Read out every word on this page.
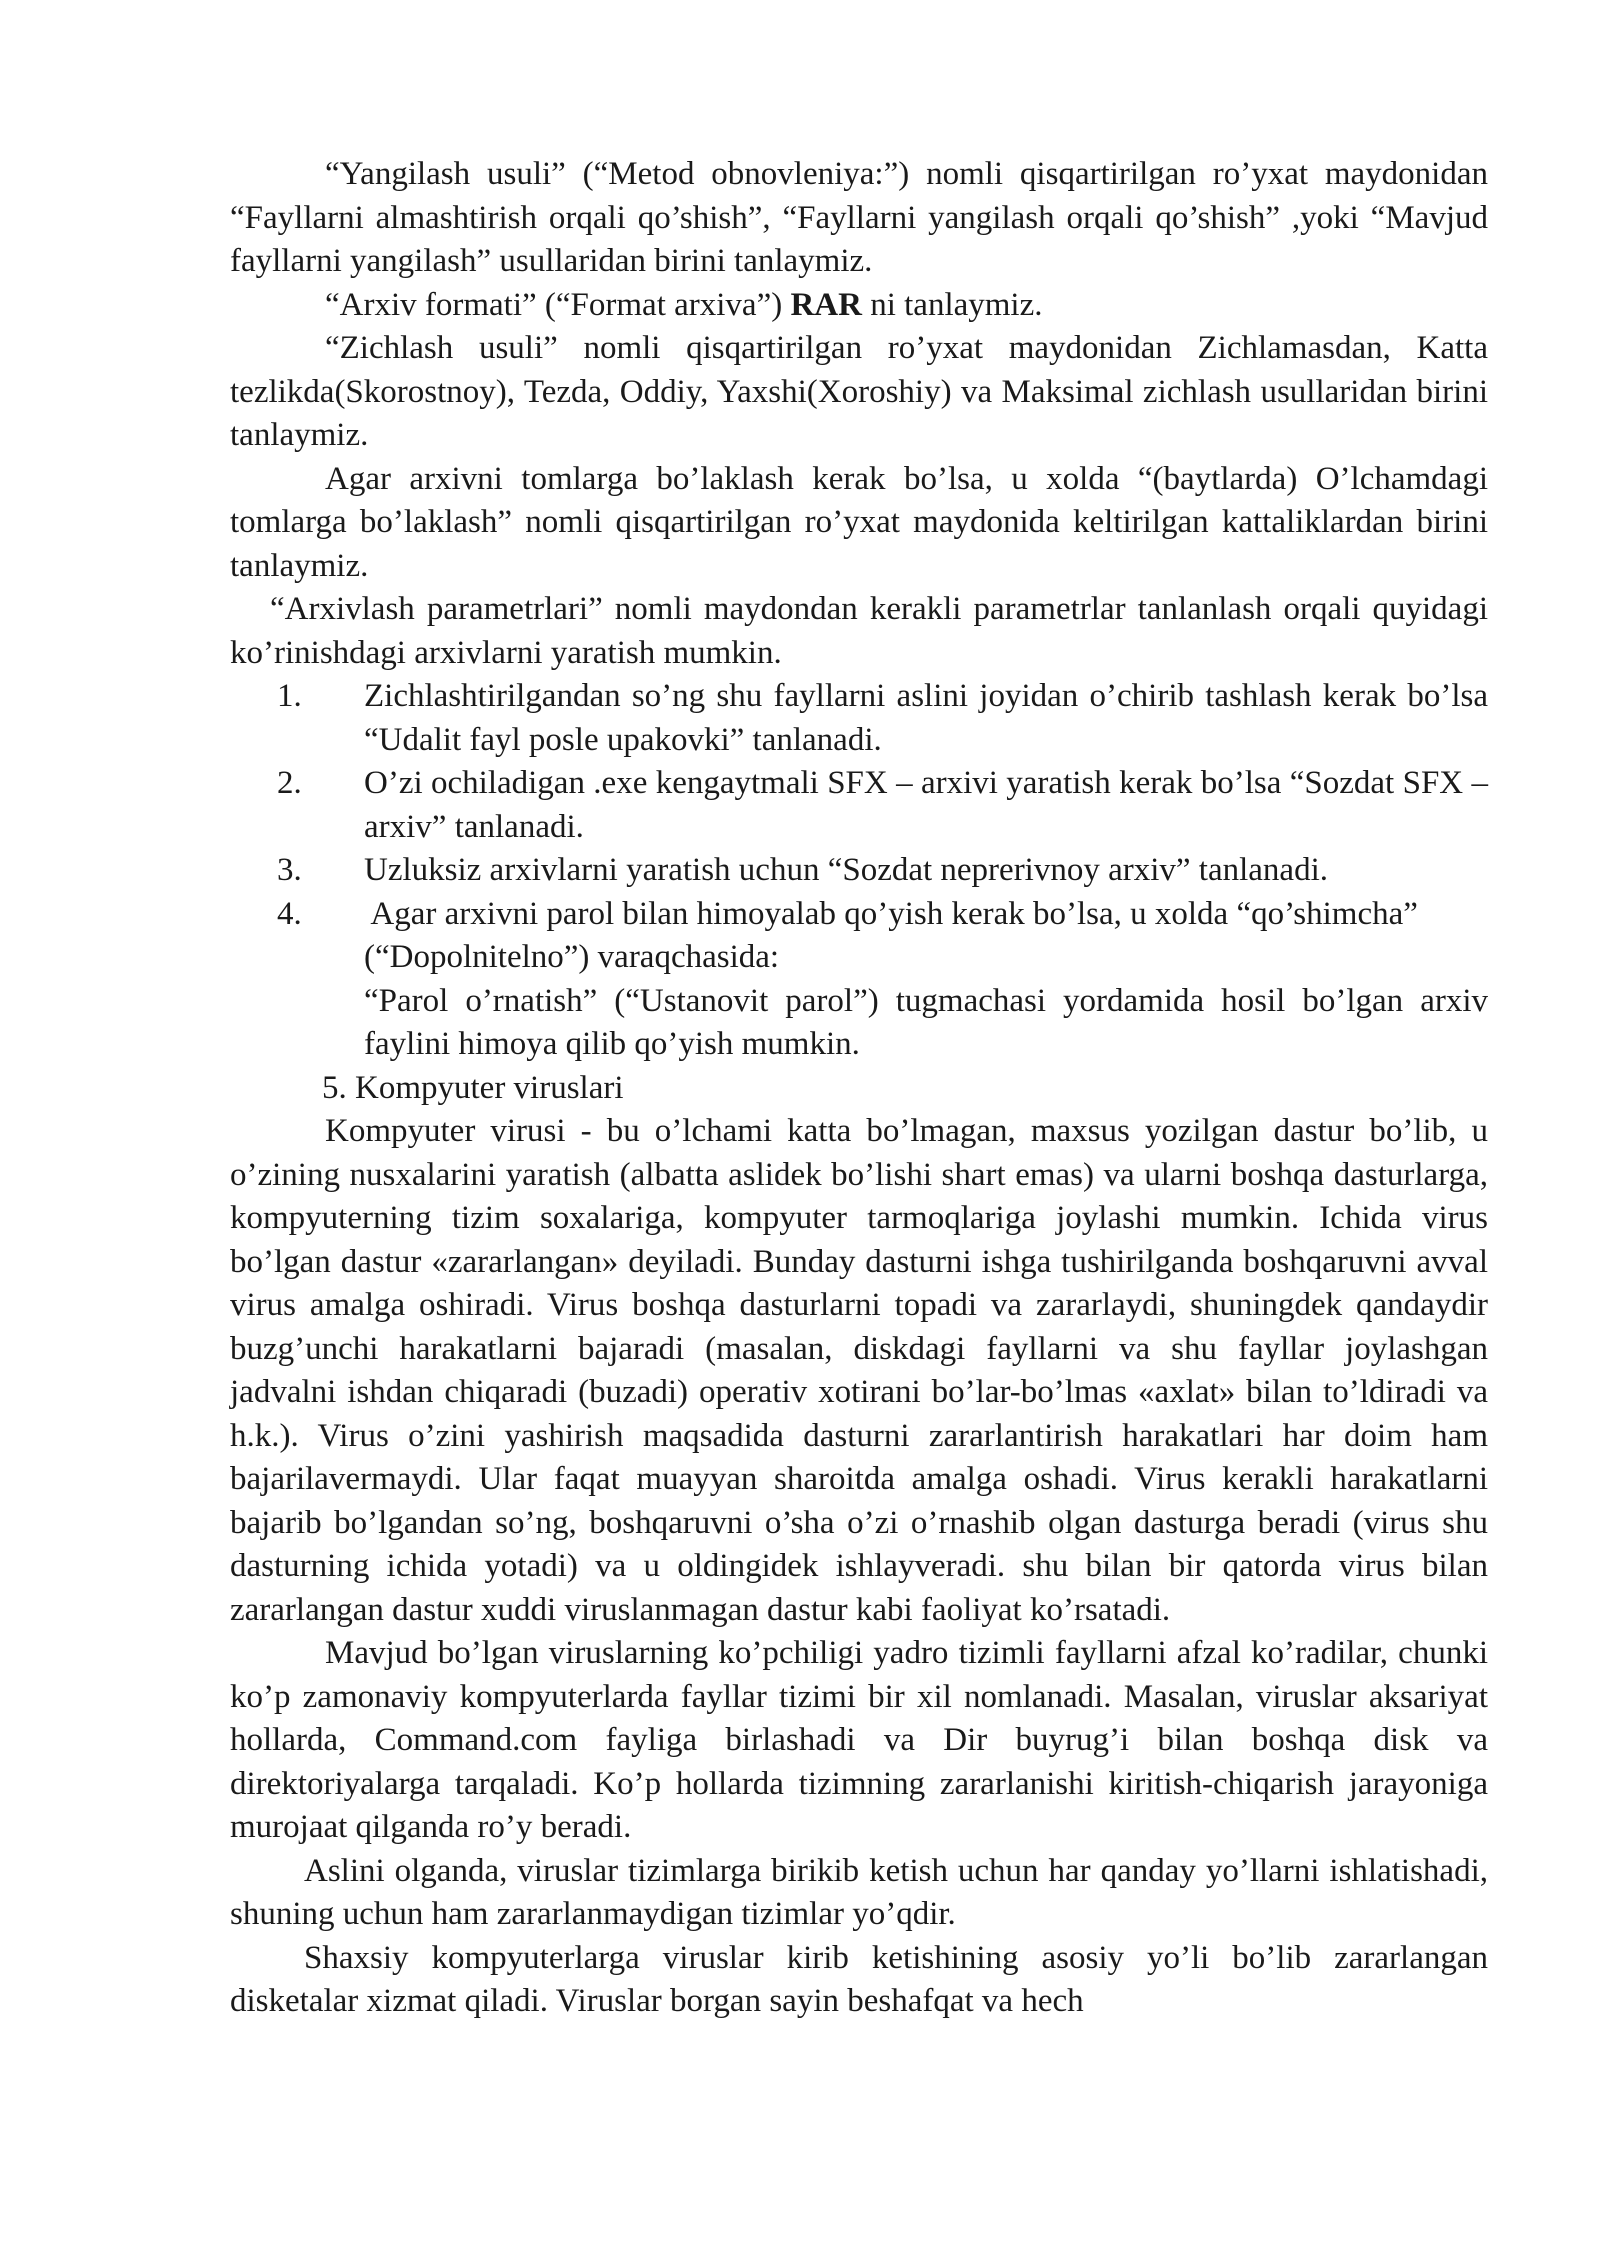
“Yangilash usuli” (“Metod obnovleniya:”) nomli qisqartirilgan ro’yxat maydonidan “Fayllarni almashtirish orqali qo’shish”, “Fayllarni yangilash orqali qo’shish” ,yoki “Mavjud fayllarni yangilash” usullaridan birini tanlaymiz.

“Arxiv formati” (“Format arxiva”) RAR ni tanlaymiz.

“Zichlash usuli” nomli qisqartirilgan ro’yxat maydonidan Zichlamasdan, Katta tezlikda(Skorostnoy), Tezda, Oddiy, Yaxshi(Xoroshiy) va Maksimal zichlash usullaridan birini tanlaymiz.

Agar arxivni tomlarga bo’laklash kerak bo’lsa, u xolda “(baytlarda) O’lchamdagi tomlarga bo’laklash” nomli qisqartirilgan ro’yxat maydonida keltirilgan kattaliklardan birini tanlaymiz.

“Arxivlash parametrlari” nomli maydondan kerakli parametrlar tanlanlash orqali quyidagi ko’rinishdagi arxivlarni yaratish mumkin.

1. Zichlashtirilgandan so’ng shu fayllarni aslini joyidan o’chirib tashlash kerak bo’lsa “Udalit fayl posle upakovki” tanlanadi.

2. O’zi ochiladigan .exe kengaytmali SFX – arxivi yaratish kerak bo’lsa “Sozdat SFX – arxiv” tanlanadi.

3. Uzluksiz arxivlarni yaratish uchun “Sozdat neprerivnoy arxiv” tanlanadi.

4. Agar arxivni parol bilan himoyalab qo’yish kerak bo’lsa, u xolda “qo’shimcha” (“Dopolnitelno”) varaqchasida:

“Parol o’rnatish” (“Ustanovit parol”) tugmachasi yordamida hosil bo’lgan arxiv faylini himoya qilib qo’yish mumkin.

5. Kompyuter viruslari

Kompyuter virusi - bu o’lchami katta bo’lmagan, maxsus yozilgan dastur bo’lib, u o’zining nusxalarini yaratish (albatta aslidek bo’lishi shart emas) va ularni boshqa dasturlarga, kompyuterning tizim soxalariga, kompyuter tarmoqlariga joylashi mumkin. Ichida virus bo’lgan dastur «zararlangan» deyiladi. Bunday dasturni ishga tushirilganda boshqaruvni avval virus amalga oshiradi. Virus boshqa dasturlarni topadi va zararlaydi, shuningdek qandaydir buzg’unchi harakatlarni bajaradi (masalan, diskdagi fayllarni va shu fayllar joylashgan jadvalni ishdan chiqaradi (buzadi) operativ xotirani bo’lar-bo’lmas «axlat» bilan to’ldiradi va h.k.). Virus o’zini yashirish maqsadida dasturni zararlantirish harakatlari har doim ham bajarilavermaydi. Ular faqat muayyan sharoitda amalga oshadi. Virus kerakli harakatlarni bajarib bo’lgandan so’ng, boshqaruvni o’sha o’zi o’rnashib olgan dasturga beradi (virus shu dasturning ichida yotadi) va u oldingidek ishlayveradi. shu bilan bir qatorda virus bilan zararlangan dastur xuddi viruslanmagan dastur kabi faoliyat ko’rsatadi.

Mavjud bo’lgan viruslarning ko’pchiligi yadro tizimli fayllarni afzal ko’radilar, chunki ko’p zamonaviy kompyuterlarda fayllar tizimi bir xil nomlanadi. Masalan, viruslar aksariyat hollarda, Command.com fayliga birlashadi va Dir buyrug’i bilan boshqa disk va direktoriyalarga tarqaladi. Ko’p hollarda tizimning zararlanishi kiritish-chiqarish jarayoniga murojaat qilganda ro’y beradi.

Aslini olganda, viruslar tizimlarga birikib ketish uchun har qanday yo’llarni ishlatishadi, shuning uchun ham zararlanmaydigan tizimlar yo’qdir.

Shaxsiy kompyuterlarga viruslar kirib ketishining asosiy yo’li bo’lib zararlangan disketalar xizmat qiladi. Viruslar borgan sayin beshafqat va hech
